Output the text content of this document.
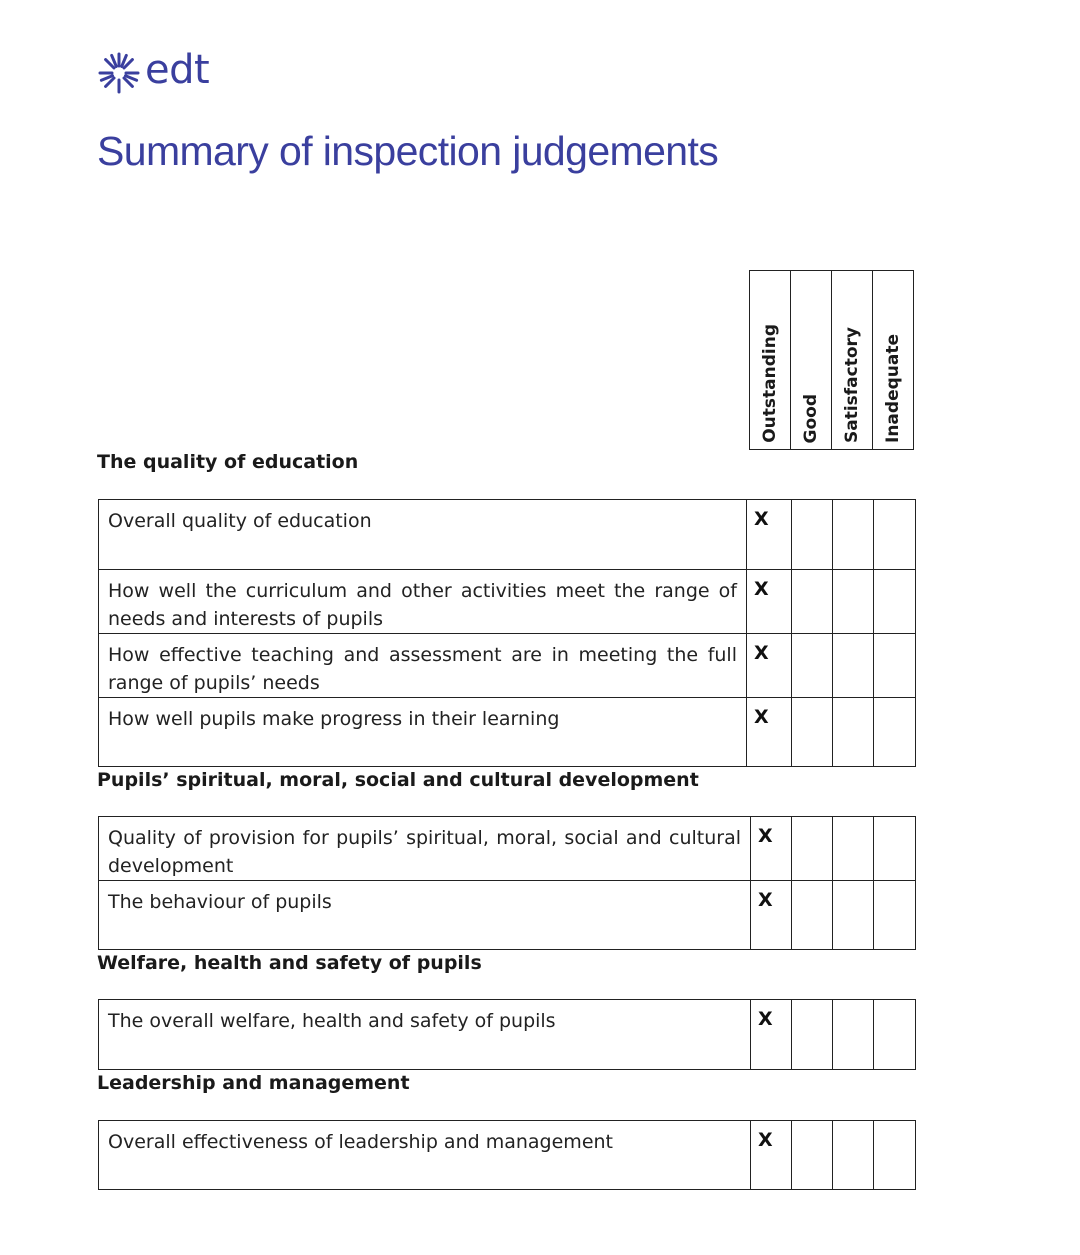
edt
Summary of inspection judgements
Outstanding Good Satisfactory Inadequate
The quality of education
Overall quality of education	X			
How well the curriculum and other activities meet the range of needs and interests of pupils	X			
How effective teaching and assessment are in meeting the full range of pupils’ needs	X			
How well pupils make progress in their learning	X			
Pupils’ spiritual, moral, social and cultural development
Quality of provision for pupils’ spiritual, moral, social and cultural development	X			
The behaviour of pupils	X			
Welfare, health and safety of pupils
The overall welfare, health and safety of pupils	X			
Leadership and management
Overall effectiveness of leadership and management	X			
